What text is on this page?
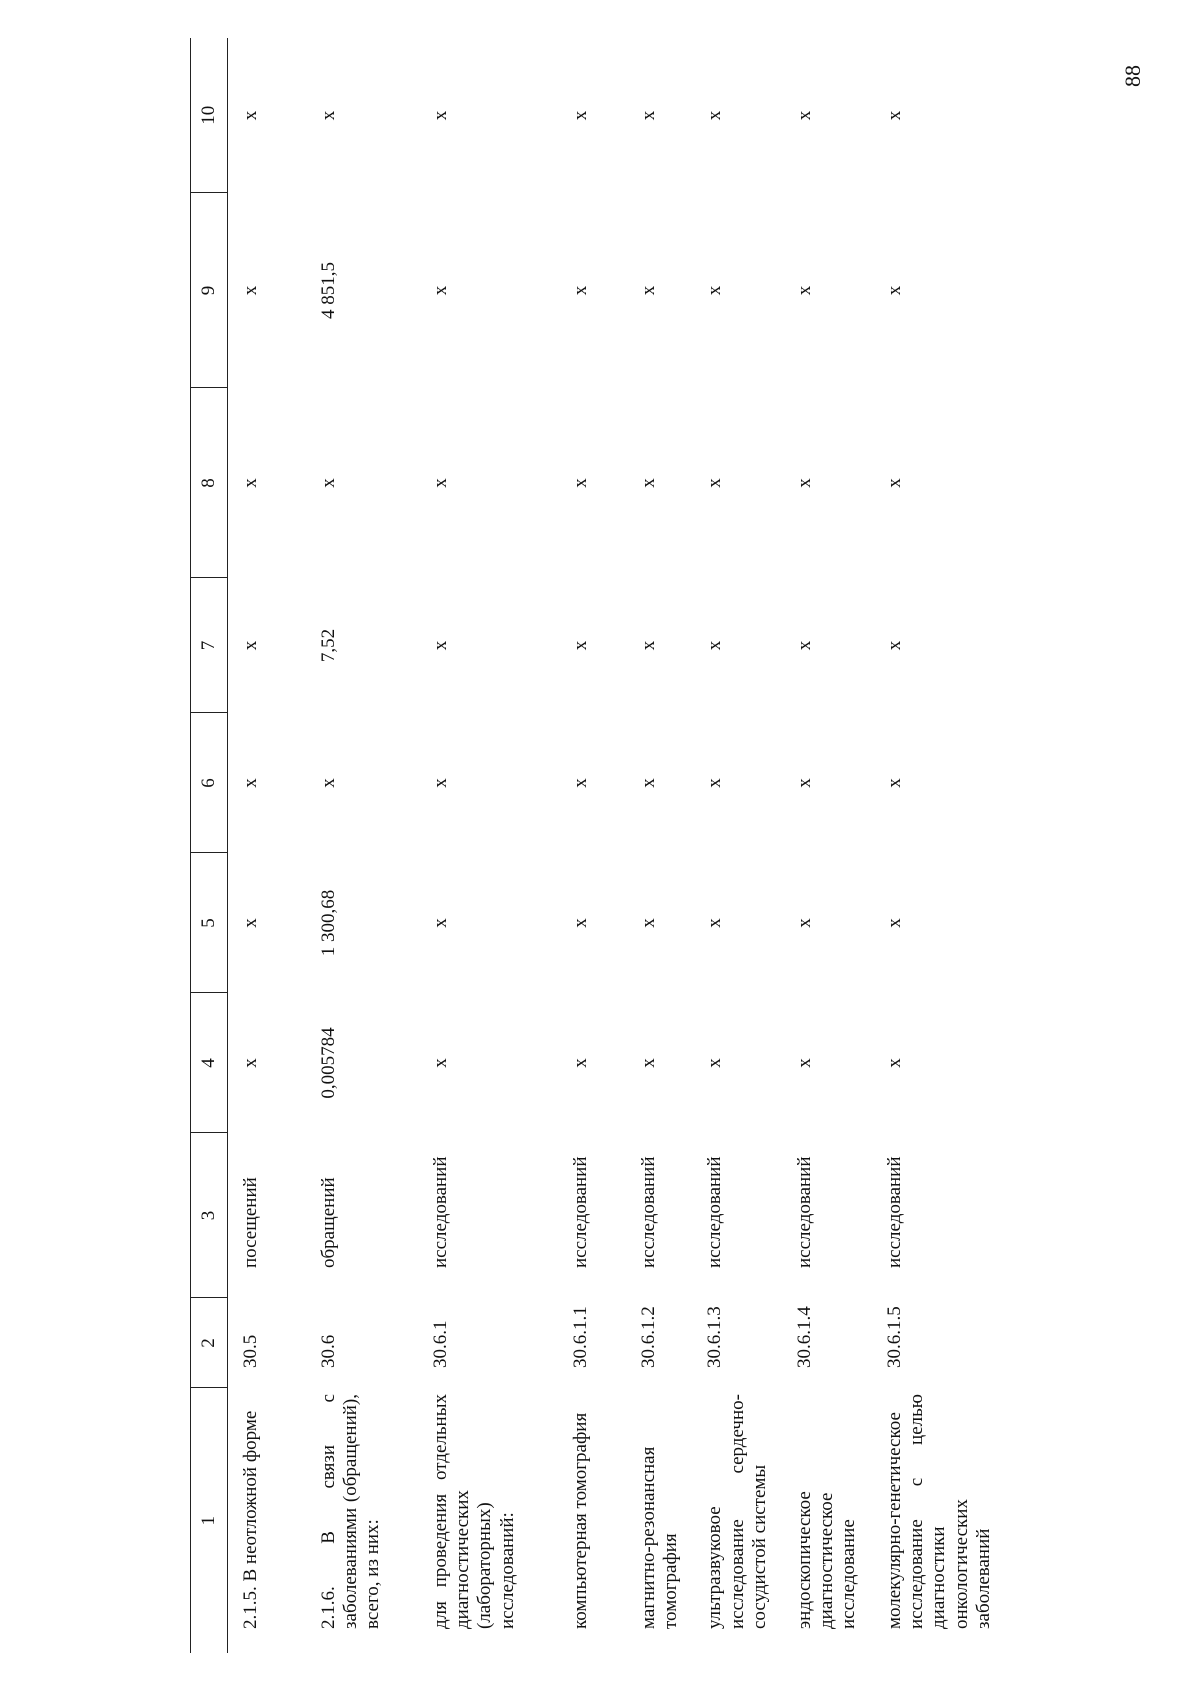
88
1	2	3	4	5	6	7	8	9	10
2.1.5. В неотложной форме	30.5	посещений	x	x	x	x	x	x	x
2.1.6. В связи с заболеваниями (обращений), всего, из них:	30.6	обращений	0,005784	1 300,68	x	7,52	x	4 851,5	x
для проведения отдельных диагностических (лабораторных) исследований:	30.6.1	исследований	x	x	x	x	x	x	x
компьютерная томография	30.6.1.1	исследований	x	x	x	x	x	x	x
магнитно-резонансная томография	30.6.1.2	исследований	x	x	x	x	x	x	x
ультразвуковое исследование сердечно-сосудистой системы	30.6.1.3	исследований	x	x	x	x	x	x	x
эндоскопическое диагностическое исследование	30.6.1.4	исследований	x	x	x	x	x	x	x
молекулярно-генетическое исследование с целью диагностики онкологических заболеваний	30.6.1.5	исследований	x	x	x	x	x	x	x
